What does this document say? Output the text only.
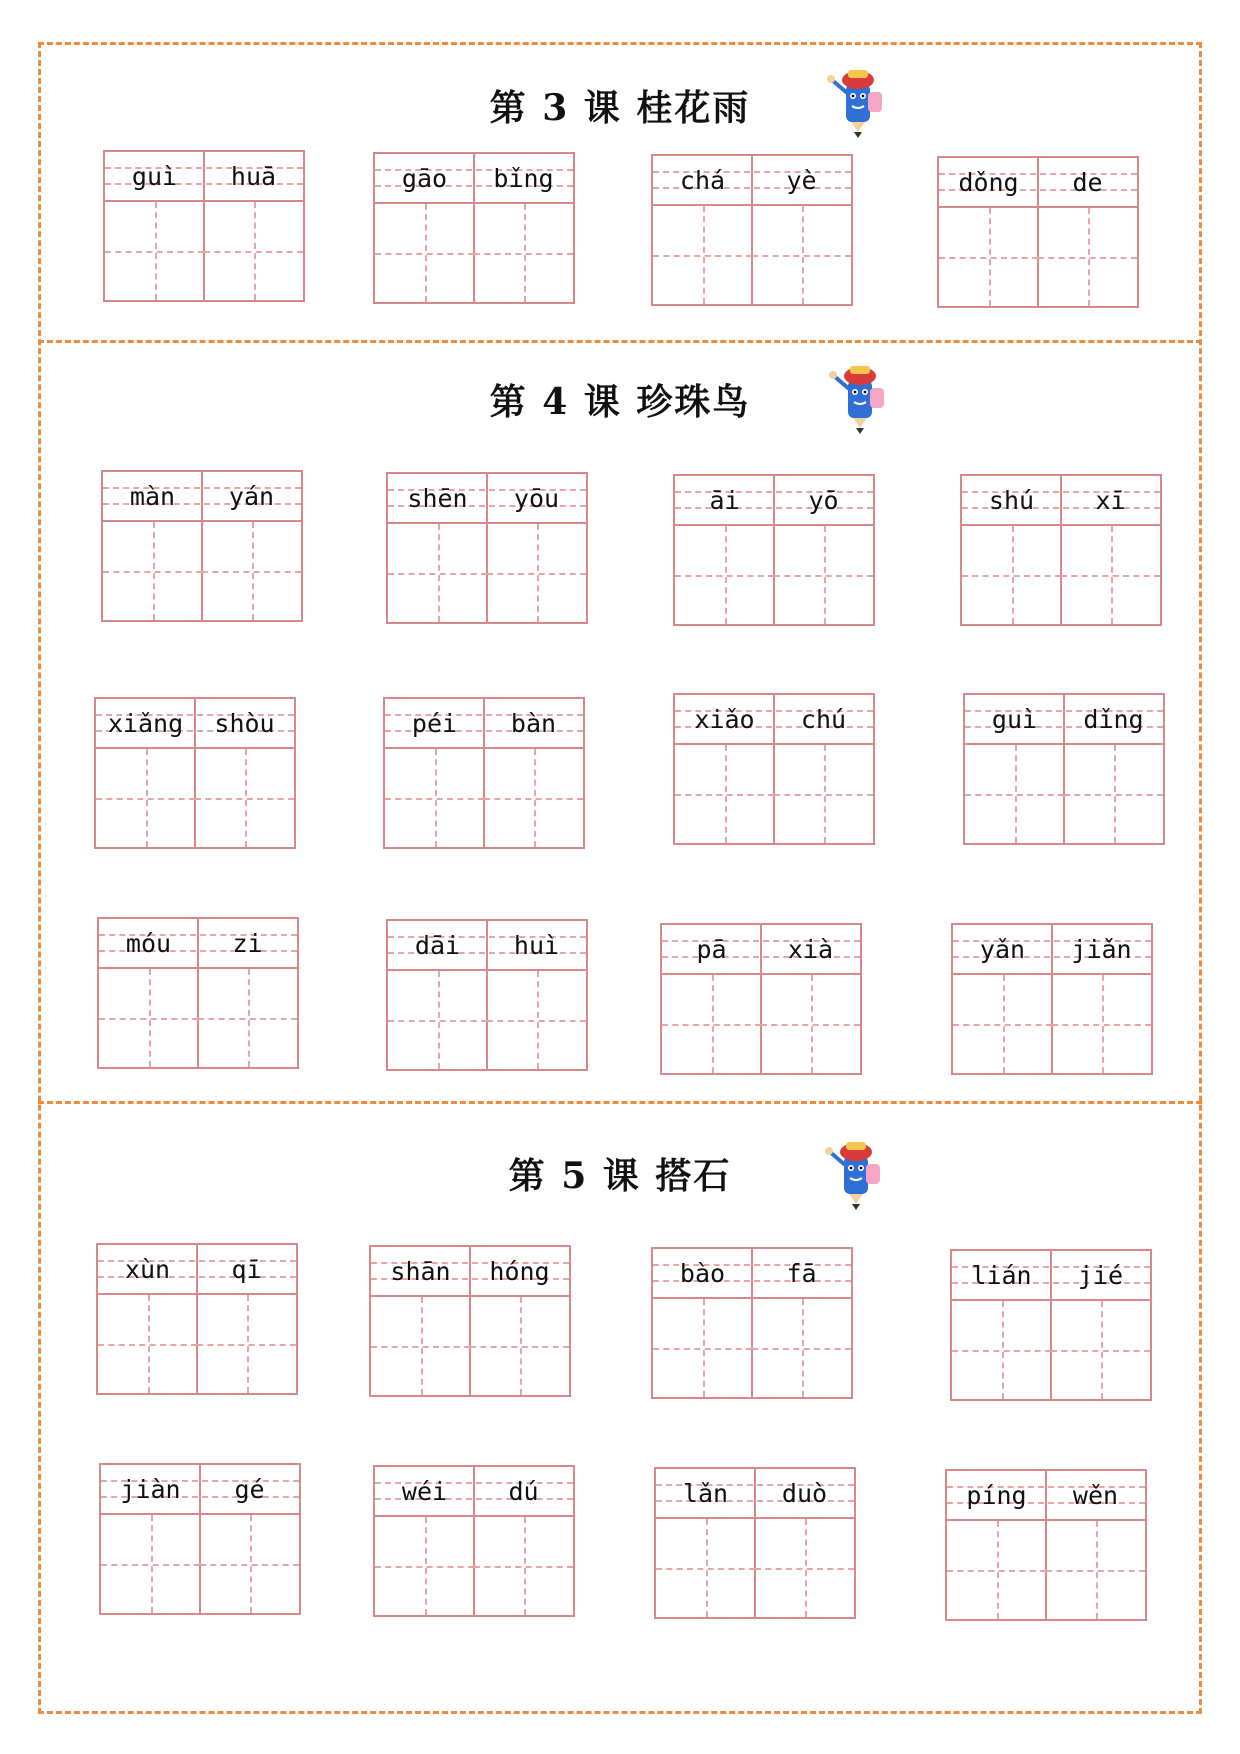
第 3 课 桂花雨
guì	huā	gāo	bǐng	chá	yè	dǒng	de
第 4 课 珍珠鸟
màn	yán	shēn	yōu	āi	yō	shú	xī
xiǎng	shòu	péi	bàn	xiǎo	chú	guì	dǐng
móu	zi	dāi	huì	pā	xià	yǎn	jiǎn
第 5 课 搭石
xùn	qī	shān	hóng	bào	fā	lián	jié
jiàn	gé	wéi	dú	lǎn	duò	píng	wěn
